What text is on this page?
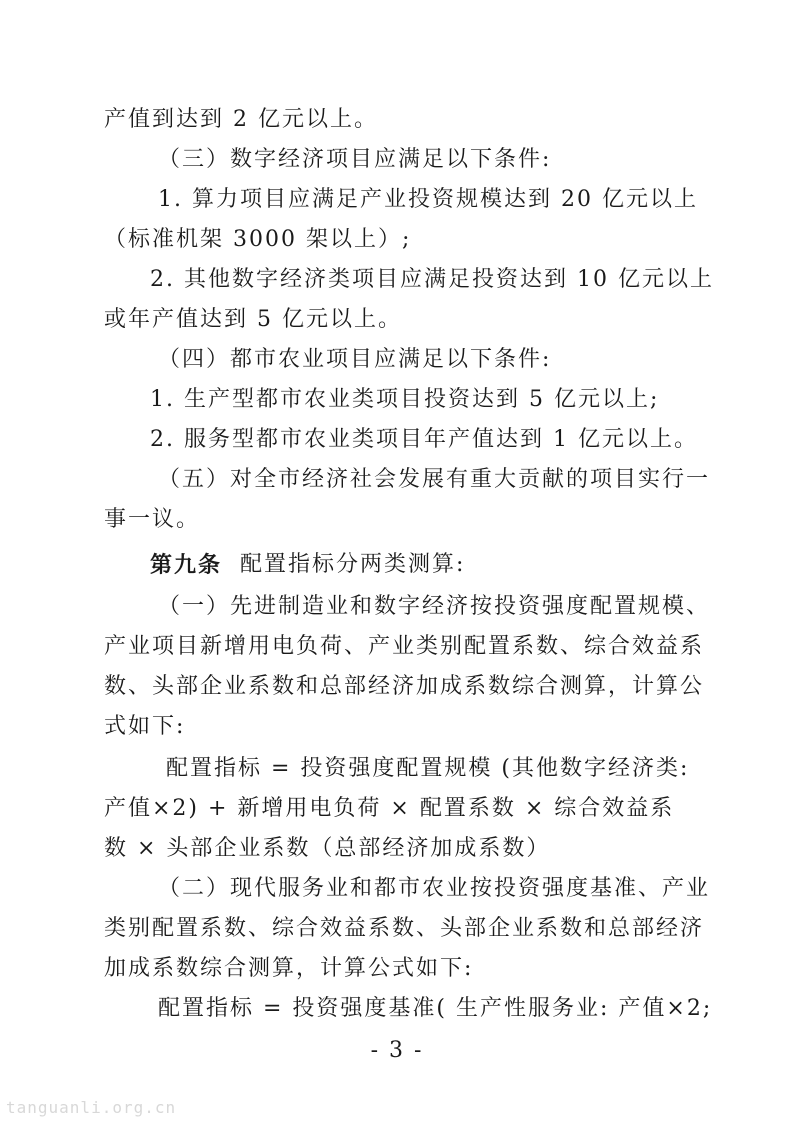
产值到达到 2 亿元以上。
（三）数字经济项目应满足以下条件:
1. 算力项目应满足产业投资规模达到 20 亿元以上
（标准机架 3000 架以上）;
2. 其他数字经济类项目应满足投资达到 10 亿元以上
或年产值达到 5 亿元以上。
（四）都市农业项目应满足以下条件:
1. 生产型都市农业类项目投资达到 5 亿元以上;
2. 服务型都市农业类项目年产值达到 1 亿元以上。
（五）对全市经济社会发展有重大贡献的项目实行一
事一议。
第九条 配置指标分两类测算:
（一）先进制造业和数字经济按投资强度配置规模、
产业项目新增用电负荷、产业类别配置系数、综合效益系
数、头部企业系数和总部经济加成系数综合测算，计算公
式如下:
配置指标 = 投资强度配置规模 (其他数字经济类:
产值×2) + 新增用电负荷 × 配置系数 × 综合效益系
数 × 头部企业系数（总部经济加成系数）
（二）现代服务业和都市农业按投资强度基准、产业
类别配置系数、综合效益系数、头部企业系数和总部经济
加成系数综合测算，计算公式如下:
配置指标 = 投资强度基准( 生产性服务业: 产值×2;
- 3 -
tanguanli.org.cn
